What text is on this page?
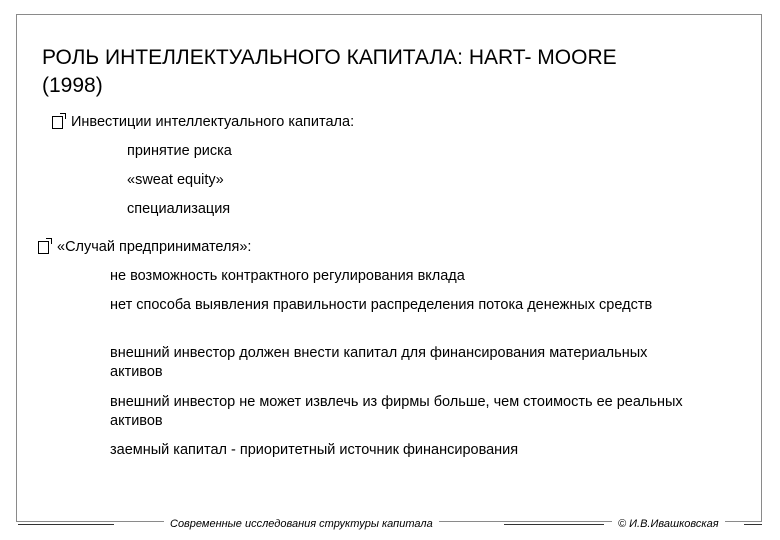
РОЛЬ ИНТЕЛЛЕКТУАЛЬНОГО КАПИТАЛА: HART- MOORE
(1998)
Инвестиции интеллектуального капитала:

принятие риска

«sweat equity»

специализация

«Случай предпринимателя»:

не возможность контрактного регулирования вклада

нет способа выявления правильности распределения потока денежных средств

внешний инвестор должен внести капитал для финансирования материальных активов

внешний инвестор не может извлечь из фирмы больше, чем стоимость ее реальных активов

заемный капитал - приоритетный источник финансирования

Современные исследования структуры капитала	© И.В.Ивашковская
